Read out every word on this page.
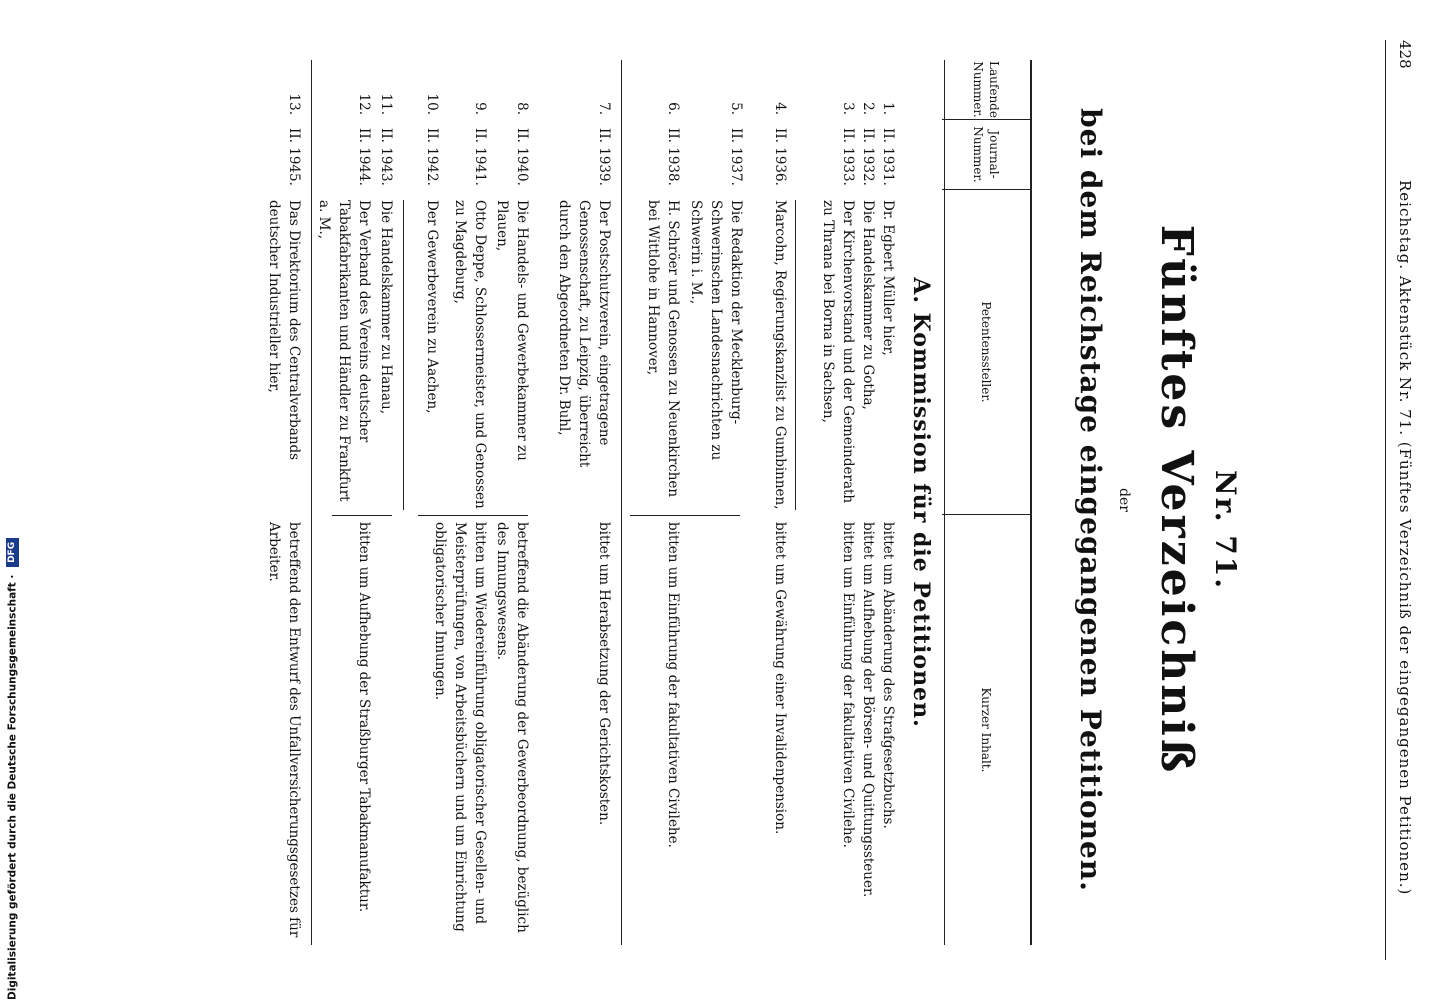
428
Reichstag. Aktenstück Nr. 71. (Fünftes Verzeichniß der eingegangenen Petitionen.)
Nr. 71.
Fünftes Verzeichniß
der
bei dem Reichstage eingegangenen Petitionen.
Laufende Nummer.
Journal-Nummer.
Petentenssteller.
Kurzer Inhalt.
A. Kommission für die Petitionen.
1.
II. 1931.
Dr. Egbert Müller hier,
bittet um Abänderung des Strafgesetzbuchs.
2.
II. 1932.
Die Handelskammer zu Gotha,
bittet um Aufhebung der Börsen- und Quittungssteuer.
3.
II. 1933.
Der Kirchenvorstand und der Gemeinderath zu Thrana bei Borna in Sachsen,
bitten um Einführung der fakultativen Civilehe.
4.
II. 1936.
Marcohn, Regierungskanzlist zu Gumbinnen,
bittet um Gewährung einer Invalidenpension.
5.
II. 1937.
Die Redaktion der Mecklenburg-Schwerinschen Landesnachrichten zu Schwerin i. M.,
6.
II. 1938.
H. Schröer und Genossen zu Neuenkirchen bei Wittlohe in Hannover,
bitten um Einführung der fakultativen Civilehe.
7.
II. 1939.
Der Postschutzverein, eingetragene Genossenschaft, zu Leipzig, überreicht durch den Abgeordneten Dr. Buhl,
bittet um Herabsetzung der Gerichtskosten.
8.
II. 1940.
Die Handels- und Gewerbekammer zu Plauen,
betreffend die Abänderung der Gewerbeordnung, bezüglich des Innungswesens.
9.
II. 1941.
Otto Deppe, Schlossermeister, und Genossen zu Magdeburg,
bitten um Wiedereinführung obligatorischer Gesellen- und Meisterprüfungen, von Arbeitsbüchern und um Einrichtung obligatorischer Innungen.
10.
II. 1942.
Der Gewerbeverein zu Aachen,
11.
II. 1943.
Die Handelskammer zu Hanau,
12.
II. 1944.
Der Verband des Vereins deutscher Tabakfabrikanten und Händler zu Frankfurt a. M.,
bitten um Aufhebung der Straßburger Tabakmanufaktur.
13.
II. 1945.
Das Direktorium des Centralverbands deutscher Industrieller hier,
betreffend den Entwurf des Unfallversicherungsgesetzes für Arbeiter.
Digitalisierung gefördert durch die Deutsche Forschungsgemeinschaft · DFG
